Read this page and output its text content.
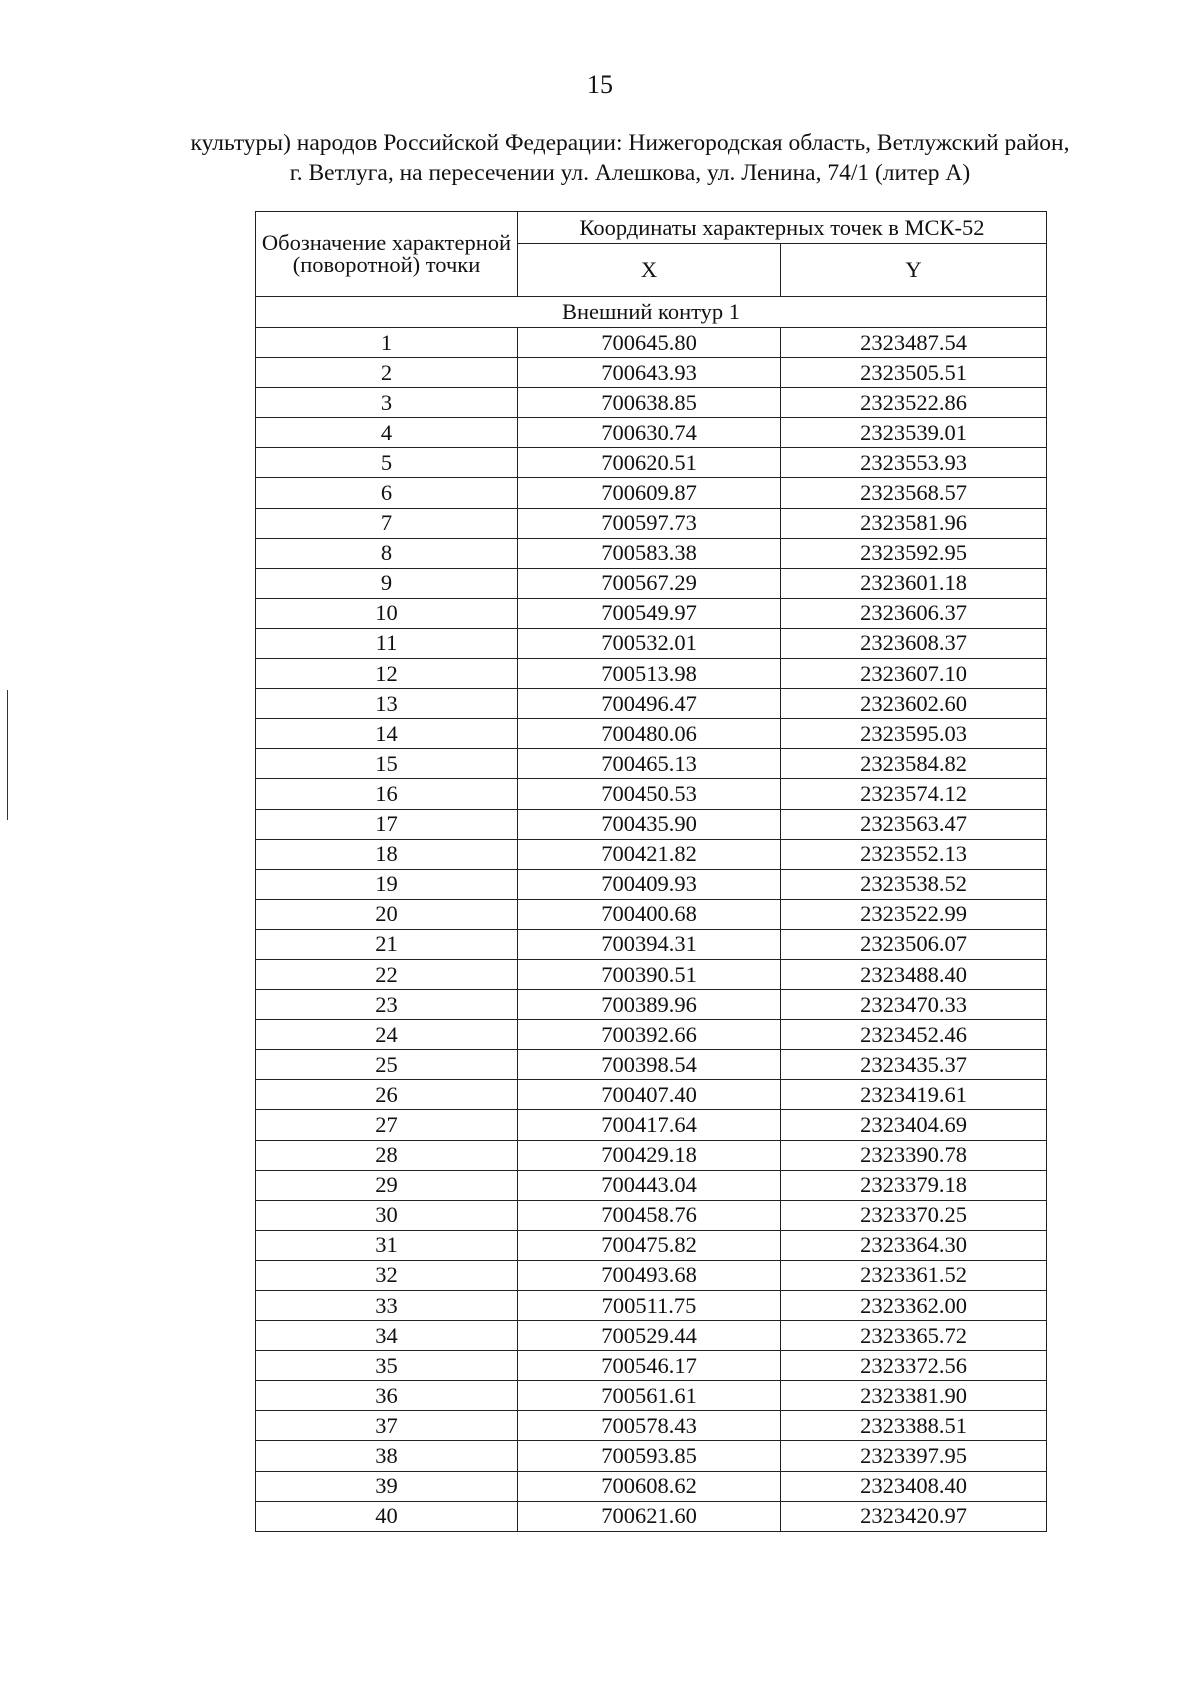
15
культуры) народов Российской Федерации: Нижегородская область, Ветлужский район,
г. Ветлуга, на пересечении ул. Алешкова, ул. Ленина, 74/1 (литер А)
Обозначение характерной (поворотной) точки	Координаты характерных точек в МСК-52	
	X	Y
Внешний контур 1		
1	700645.80	2323487.54
2	700643.93	2323505.51
3	700638.85	2323522.86
4	700630.74	2323539.01
5	700620.51	2323553.93
6	700609.87	2323568.57
7	700597.73	2323581.96
8	700583.38	2323592.95
9	700567.29	2323601.18
10	700549.97	2323606.37
11	700532.01	2323608.37
12	700513.98	2323607.10
13	700496.47	2323602.60
14	700480.06	2323595.03
15	700465.13	2323584.82
16	700450.53	2323574.12
17	700435.90	2323563.47
18	700421.82	2323552.13
19	700409.93	2323538.52
20	700400.68	2323522.99
21	700394.31	2323506.07
22	700390.51	2323488.40
23	700389.96	2323470.33
24	700392.66	2323452.46
25	700398.54	2323435.37
26	700407.40	2323419.61
27	700417.64	2323404.69
28	700429.18	2323390.78
29	700443.04	2323379.18
30	700458.76	2323370.25
31	700475.82	2323364.30
32	700493.68	2323361.52
33	700511.75	2323362.00
34	700529.44	2323365.72
35	700546.17	2323372.56
36	700561.61	2323381.90
37	700578.43	2323388.51
38	700593.85	2323397.95
39	700608.62	2323408.40
40	700621.60	2323420.97
